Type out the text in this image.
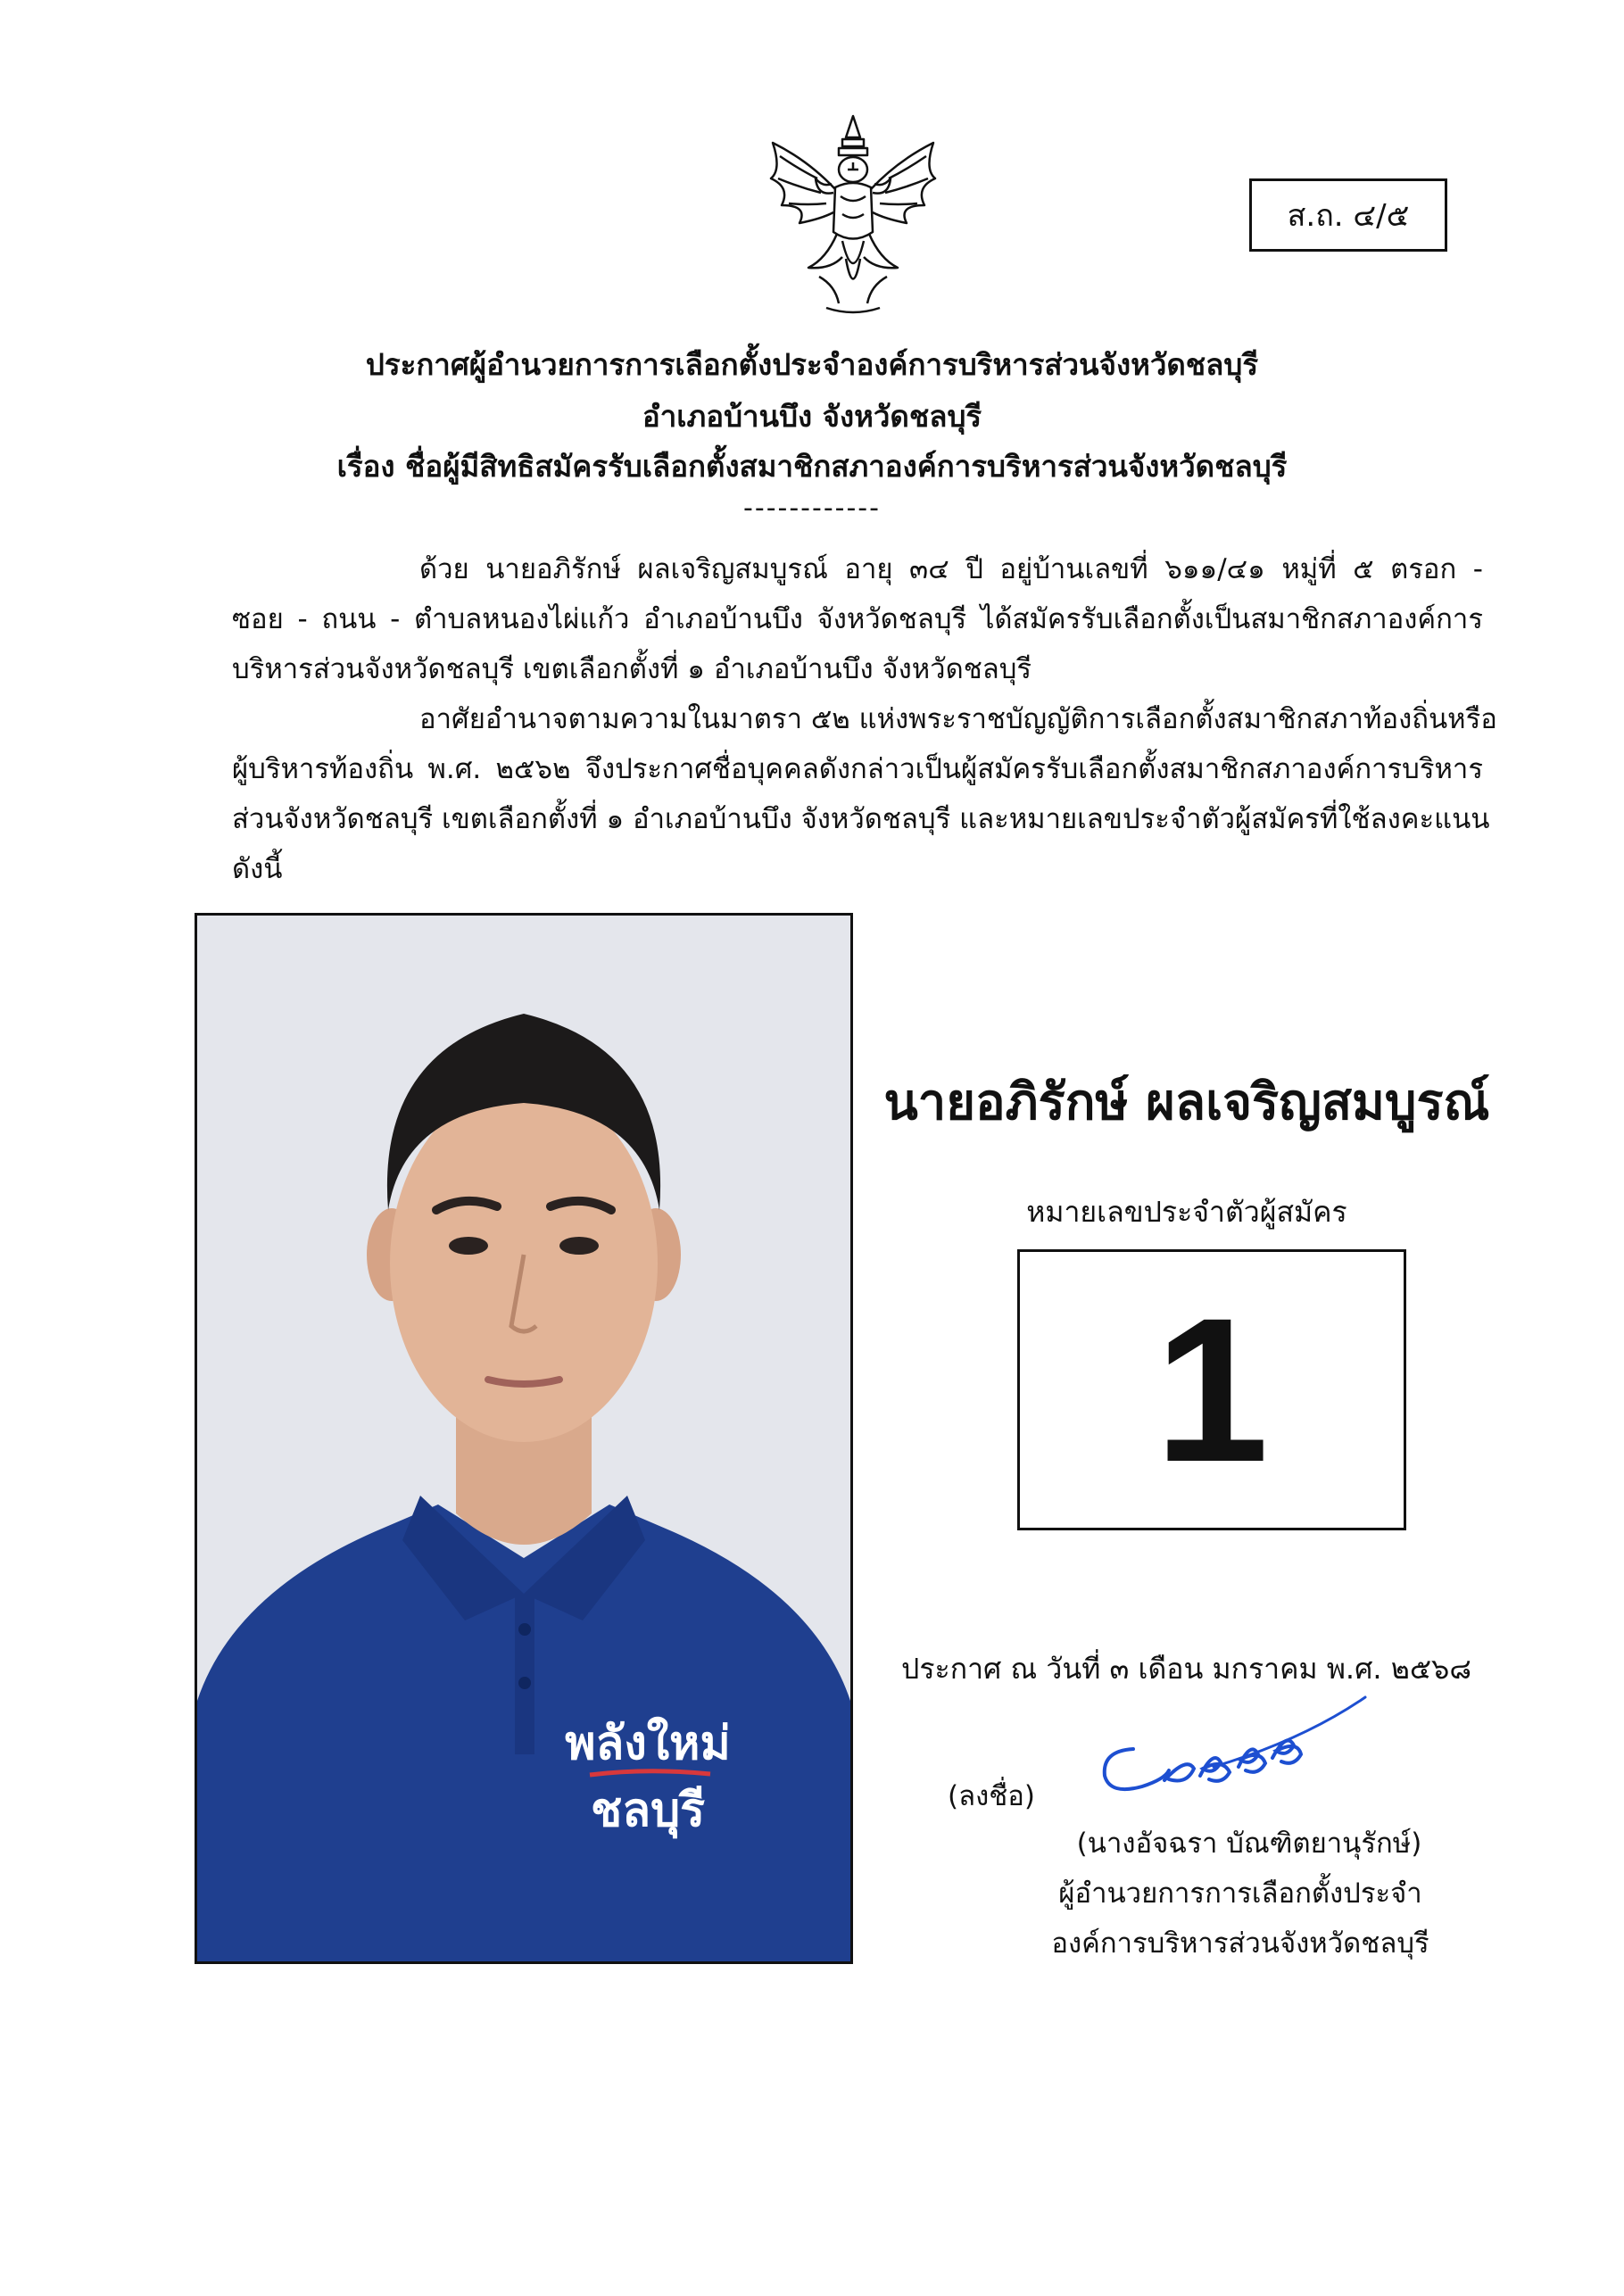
ส.ถ. ๔/๕
ประกาศผู้อำนวยการการเลือกตั้งประจำองค์การบริหารส่วนจังหวัดชลบุรี
อำเภอบ้านบึง จังหวัดชลบุรี
เรื่อง ชื่อผู้มีสิทธิสมัครรับเลือกตั้งสมาชิกสภาองค์การบริหารส่วนจังหวัดชลบุรี
------------
ด้วย นายอภิรักษ์ ผลเจริญสมบูรณ์ อายุ ๓๔ ปี อยู่บ้านเลขที่ ๖๑๑/๔๑ หมู่ที่ ๕ ตรอก -
ซอย - ถนน - ตำบลหนองไผ่แก้ว อำเภอบ้านบึง จังหวัดชลบุรี ได้สมัครรับเลือกตั้งเป็นสมาชิกสภาองค์การ
บริหารส่วนจังหวัดชลบุรี เขตเลือกตั้งที่ ๑ อำเภอบ้านบึง จังหวัดชลบุรี
อาศัยอำนาจตามความในมาตรา ๕๒ แห่งพระราชบัญญัติการเลือกตั้งสมาชิกสภาท้องถิ่นหรือ
ผู้บริหารท้องถิ่น พ.ศ. ๒๕๖๒ จึงประกาศชื่อบุคคลดังกล่าวเป็นผู้สมัครรับเลือกตั้งสมาชิกสภาองค์การบริหาร
ส่วนจังหวัดชลบุรี เขตเลือกตั้งที่ ๑ อำเภอบ้านบึง จังหวัดชลบุรี และหมายเลขประจำตัวผู้สมัครที่ใช้ลงคะแนน
ดังนี้
พลังใหม่
ชลบุรี
นายอภิรักษ์ ผลเจริญสมบูรณ์
หมายเลขประจำตัวผู้สมัคร
1
ประกาศ ณ วันที่ ๓ เดือน มกราคม พ.ศ. ๒๕๖๘
(ลงชื่อ)
(นางอัจฉรา บัณฑิตยานุรักษ์)
ผู้อำนวยการการเลือกตั้งประจำ
องค์การบริหารส่วนจังหวัดชลบุรี
